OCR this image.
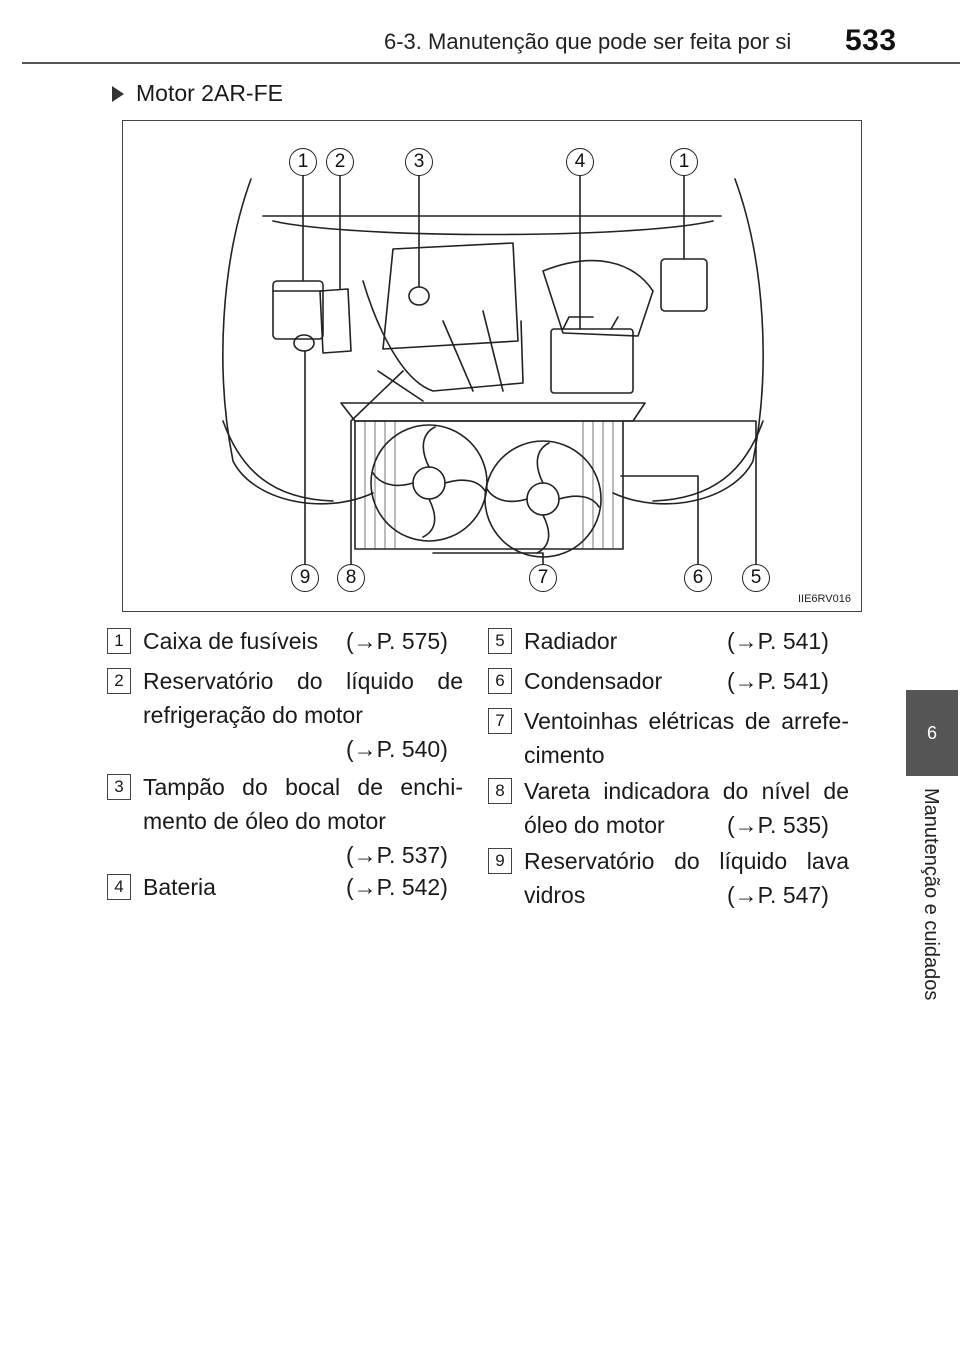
6-3. Manutenção que pode ser feita por si 533
6
Manutenção e cuidados
Motor 2AR-FE
1	2	3	4	1
9	8	7	6	5
IIE6RV016
1 Caixa de fusíveis (→P. 575)
2 Reservatório do líquido de
refrigeração do motor
(→P. 540)
3 Tampão do bocal de enchi-
mento de óleo do motor
(→P. 537)
4 Bateria	(→P. 542)
5 Radiador	(→P. 541)
6 Condensador	(→P. 541)
7 Ventoinhas elétricas de arrefe-
cimento
8 Vareta indicadora do nível de
óleo do motor	(→P. 535)
9 Reservatório do líquido lava
vidros	(→P. 547)
